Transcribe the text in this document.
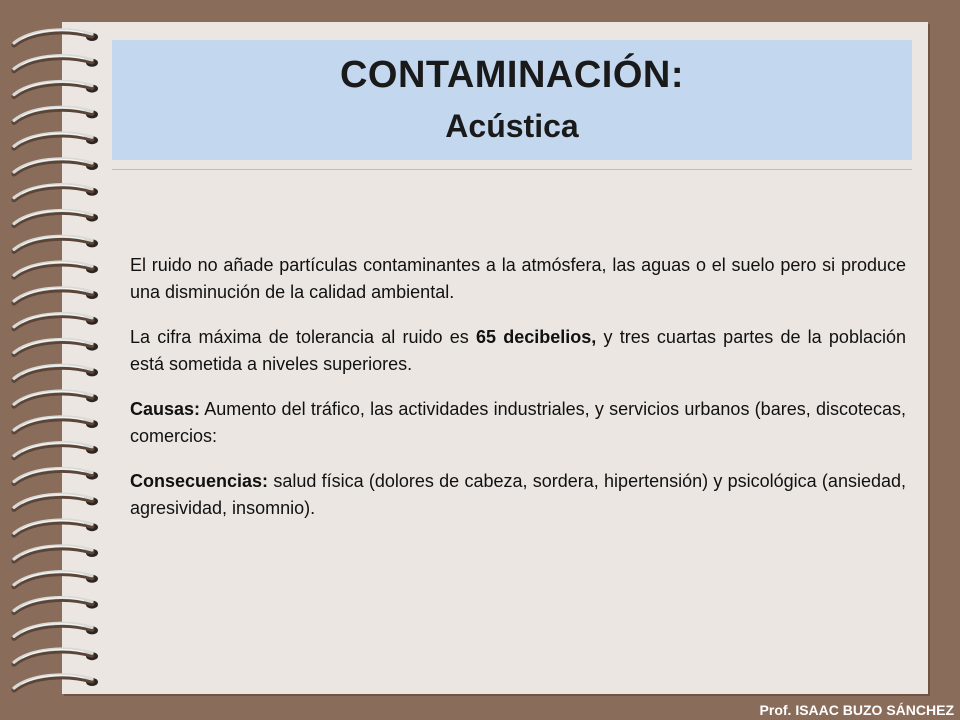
CONTAMINACIÓN:
Acústica

El ruido no añade partículas contaminantes a la atmósfera, las aguas o el suelo pero si produce una disminución de la calidad ambiental.

La cifra máxima de tolerancia al ruido es 65 decibelios, y tres cuartas partes de la población está sometida a niveles superiores.

Causas: Aumento del tráfico, las actividades industriales, y servicios urbanos (bares, discotecas, comercios:

Consecuencias: salud física (dolores de cabeza, sordera, hipertensión) y psicológica (ansiedad, agresividad, insomnio).

Prof. ISAAC BUZO SÁNCHEZ
